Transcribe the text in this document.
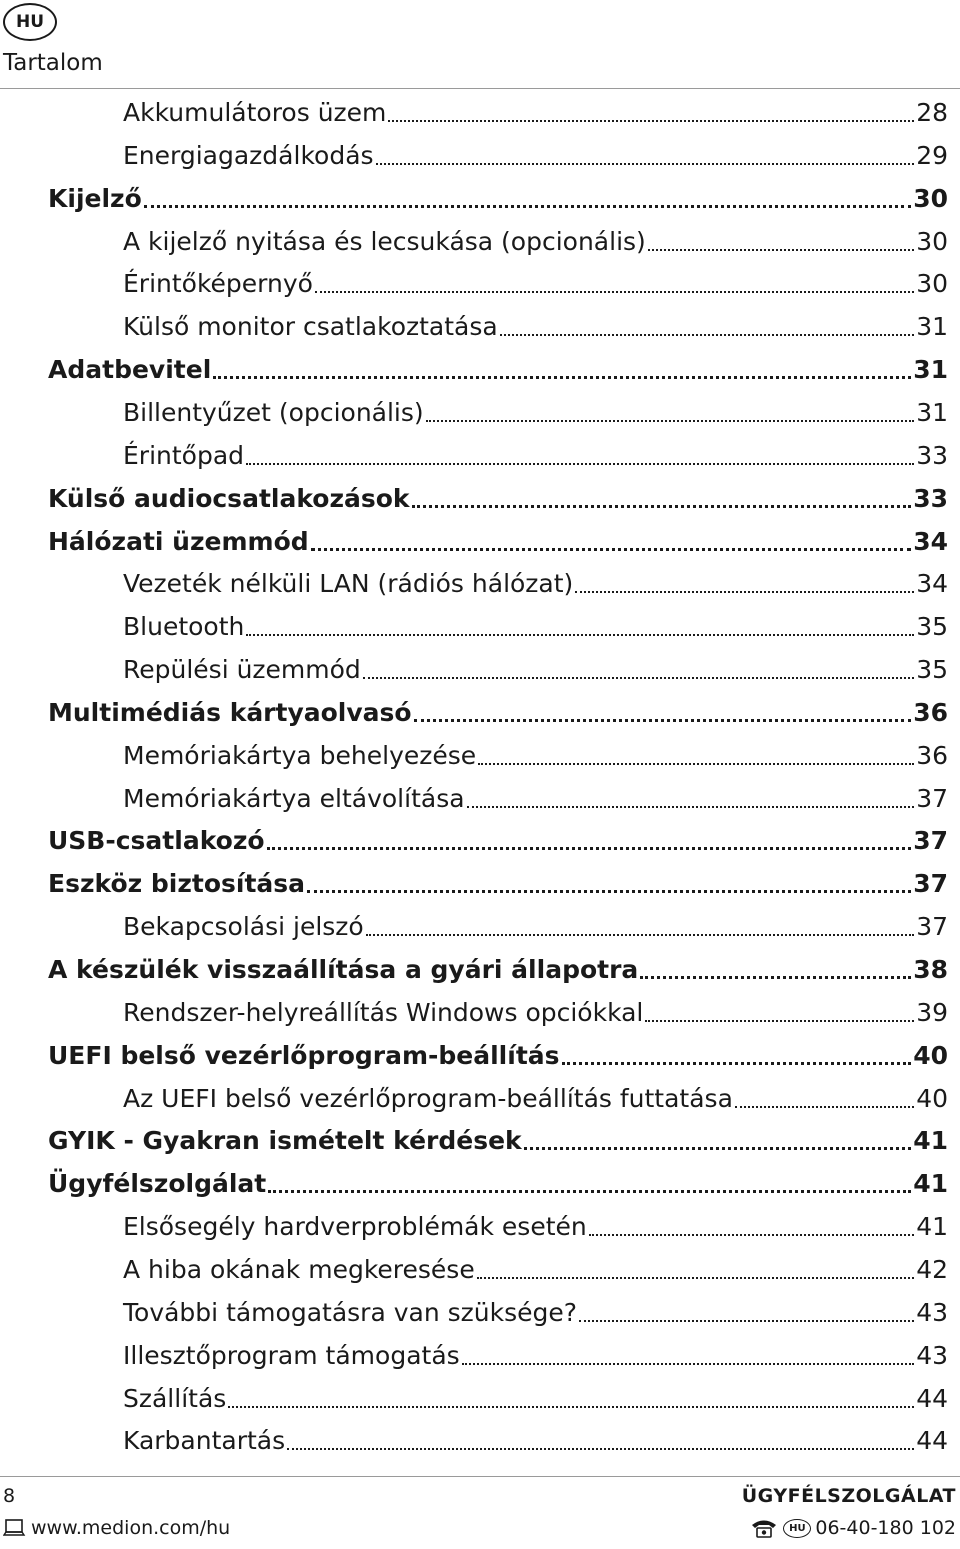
HU
Tartalom
Akkumulátoros üzem	28
Energiagazdálkodás	29
Kijelző	30
A kijelző nyitása és lecsukása (opcionális)	30
Érintőképernyő	30
Külső monitor csatlakoztatása	31
Adatbevitel	31
Billentyűzet (opcionális)	31
Érintőpad	33
Külső audiocsatlakozások	33
Hálózati üzemmód	34
Vezeték nélküli LAN (rádiós hálózat)	34
Bluetooth	35
Repülési üzemmód	35
Multimédiás kártyaolvasó	36
Memóriakártya behelyezése	36
Memóriakártya eltávolítása	37
USB-csatlakozó	37
Eszköz biztosítása	37
Bekapcsolási jelszó	37
A készülék visszaállítása a gyári állapotra	38
Rendszer-helyreállítás Windows opciókkal	39
UEFI belső vezérlőprogram-beállítás	40
Az UEFI belső vezérlőprogram-beállítás futtatása	40
GYIK - Gyakran ismételt kérdések	41
Ügyfélszolgálat	41
Elsősegély hardverproblémák esetén	41
A hiba okának megkeresése	42
További támogatásra van szüksége?	43
Illesztőprogram támogatás	43
Szállítás	44
Karbantartás	44
8	ÜGYFÉLSZOLGÁLAT
www.medion.com/hu	HU 06-40-180 102
